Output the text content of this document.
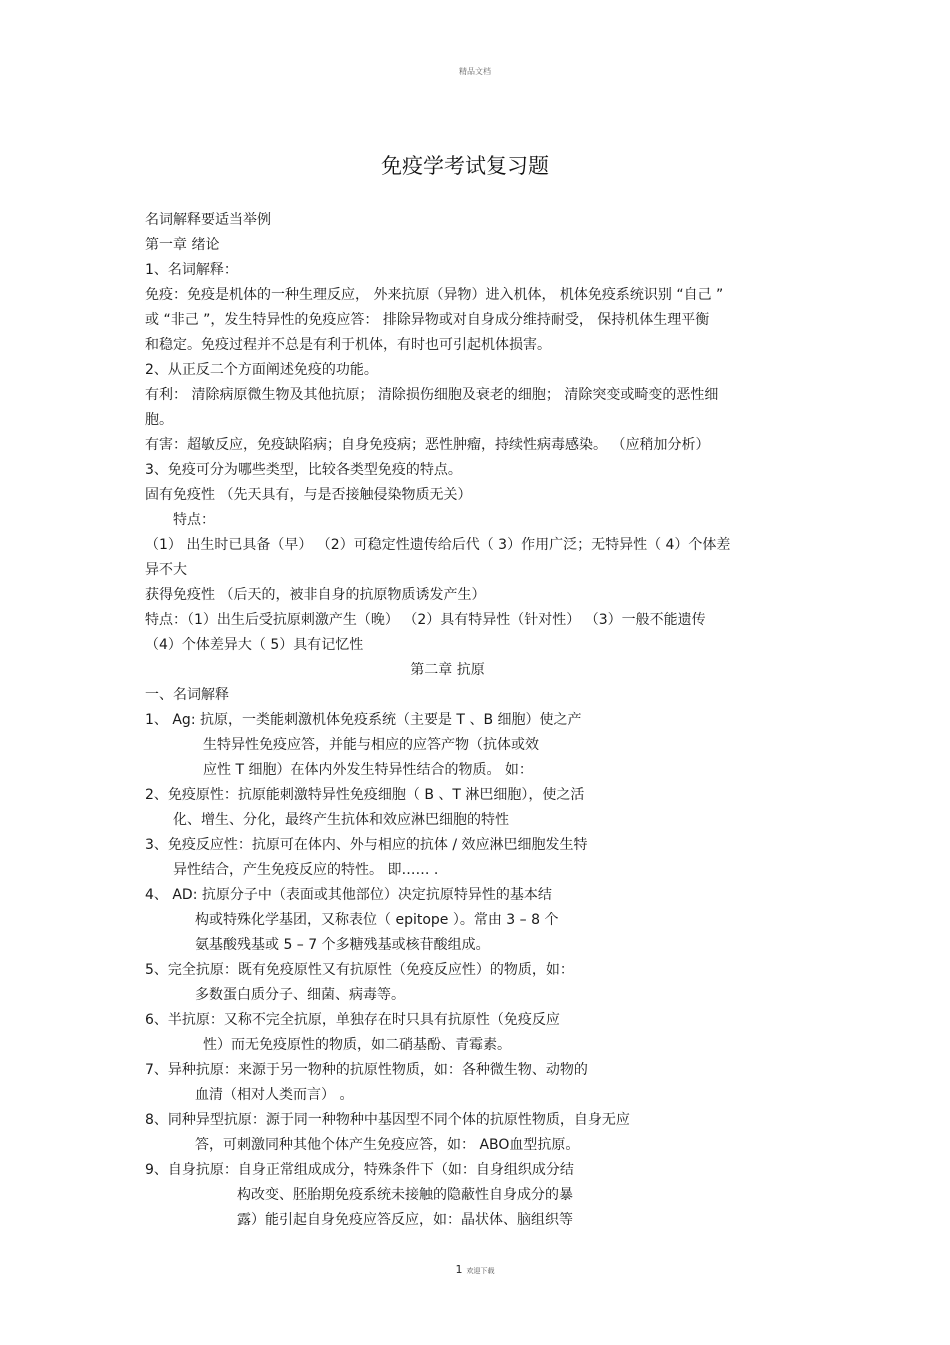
精品文档
免疫学考试复习题
名词解释要适当举例
第一章 绪论
1、名词解释：
免疫：免疫是机体的一种生理反应， 外来抗原（异物）进入机体， 机体免疫系统识别 “自己 ”
或 “非己 ”，发生特异性的免疫应答： 排除异物或对自身成分维持耐受， 保持机体生理平衡
和稳定。免疫过程并不总是有利于机体，有时也可引起机体损害。
2、从正反二个方面阐述免疫的功能。
有利： 清除病原微生物及其他抗原； 清除损伤细胞及衰老的细胞； 清除突变或畸变的恶性细
胞。
有害：超敏反应，免疫缺陷病；自身免疫病；恶性肿瘤，持续性病毒感染。 （应稍加分析）
3、免疫可分为哪些类型，比较各类型免疫的特点。
固有免疫性 （先天具有，与是否接触侵染物质无关）
特点：
（1） 出生时已具备（早） （2）可稳定性遗传给后代（ 3）作用广泛；无特异性（ 4）个体差
异不大
获得免疫性 （后天的，被非自身的抗原物质诱发产生）
特点：（1）出生后受抗原刺激产生（晚） （2）具有特异性（针对性） （3）一般不能遗传
（4）个体差异大（ 5）具有记忆性
第二章 抗原
一、名词解释
1、 Ag: 抗原，一类能刺激机体免疫系统（主要是 T 、B 细胞）使之产
生特异性免疫应答，并能与相应的应答产物（抗体或效
应性 T 细胞）在体内外发生特异性结合的物质。 如：
2、免疫原性：抗原能刺激特异性免疫细胞（ B 、T 淋巴细胞），使之活
化、增生、分化，最终产生抗体和效应淋巴细胞的特性
3、免疫反应性：抗原可在体内、外与相应的抗体 / 效应淋巴细胞发生特
异性结合，产生免疫反应的特性。 即…… .
4、 AD: 抗原分子中（表面或其他部位）决定抗原特异性的基本结
构或特殊化学基团，又称表位（ epitope ）。常由 3 – 8 个
氨基酸残基或 5 – 7 个多糖残基或核苷酸组成。
5、完全抗原：既有免疫原性又有抗原性（免疫反应性）的物质，如：
多数蛋白质分子、细菌、病毒等。
6、半抗原：又称不完全抗原，单独存在时只具有抗原性（免疫反应
性）而无免疫原性的物质，如二硝基酚、青霉素。
7、异种抗原：来源于另一物种的抗原性物质，如：各种微生物、动物的
血清（相对人类而言） 。
8、同种异型抗原：源于同一种物种中基因型不同个体的抗原性物质，自身无应
答，可刺激同种其他个体产生免疫应答，如： ABO血型抗原。
9、自身抗原：自身正常组成成分，特殊条件下（如：自身组织成分结
构改变、胚胎期免疫系统未接触的隐蔽性自身成分的暴
露）能引起自身免疫应答反应，如：晶状体、脑组织等
1 欢迎下载
